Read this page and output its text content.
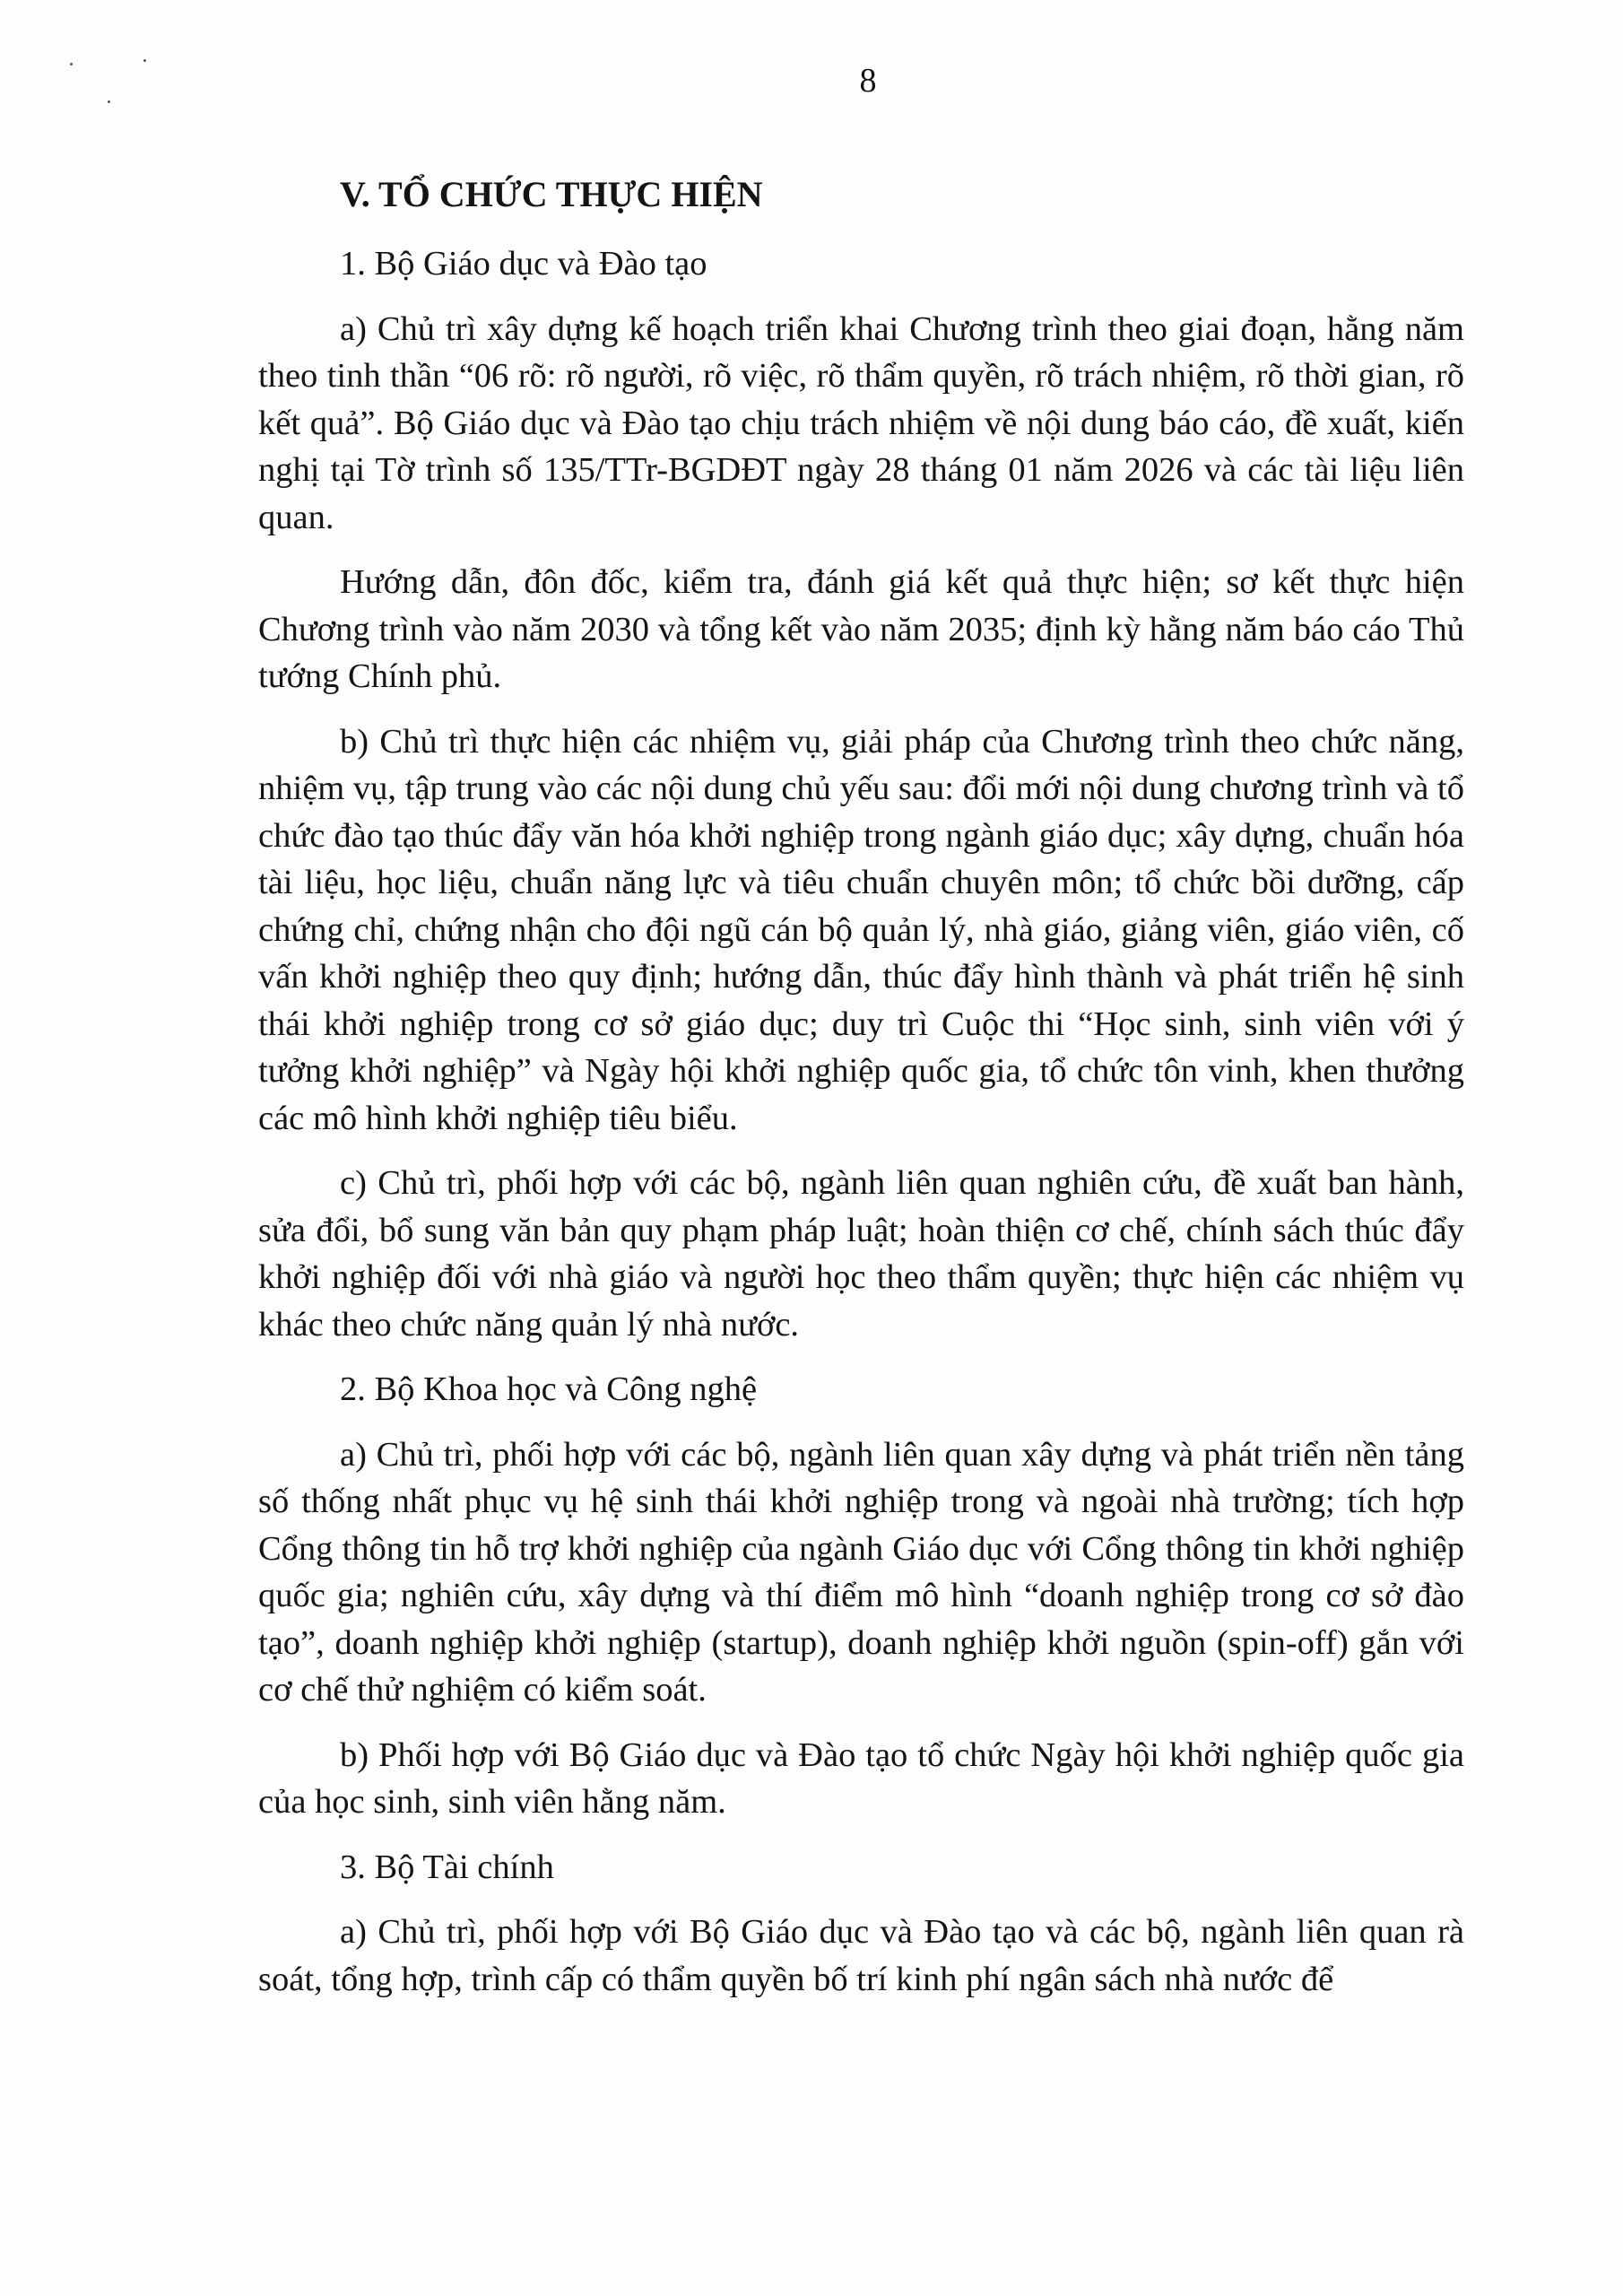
8
V. TỔ CHỨC THỰC HIỆN
1. Bộ Giáo dục và Đào tạo

a) Chủ trì xây dựng kế hoạch triển khai Chương trình theo giai đoạn, hằng năm theo tinh thần “06 rõ: rõ người, rõ việc, rõ thẩm quyền, rõ trách nhiệm, rõ thời gian, rõ kết quả”. Bộ Giáo dục và Đào tạo chịu trách nhiệm về nội dung báo cáo, đề xuất, kiến nghị tại Tờ trình số 135/TTr-BGDĐT ngày 28 tháng 01 năm 2026 và các tài liệu liên quan.

Hướng dẫn, đôn đốc, kiểm tra, đánh giá kết quả thực hiện; sơ kết thực hiện Chương trình vào năm 2030 và tổng kết vào năm 2035; định kỳ hằng năm báo cáo Thủ tướng Chính phủ.

b) Chủ trì thực hiện các nhiệm vụ, giải pháp của Chương trình theo chức năng, nhiệm vụ, tập trung vào các nội dung chủ yếu sau: đổi mới nội dung chương trình và tổ chức đào tạo thúc đẩy văn hóa khởi nghiệp trong ngành giáo dục; xây dựng, chuẩn hóa tài liệu, học liệu, chuẩn năng lực và tiêu chuẩn chuyên môn; tổ chức bồi dưỡng, cấp chứng chỉ, chứng nhận cho đội ngũ cán bộ quản lý, nhà giáo, giảng viên, giáo viên, cố vấn khởi nghiệp theo quy định; hướng dẫn, thúc đẩy hình thành và phát triển hệ sinh thái khởi nghiệp trong cơ sở giáo dục; duy trì Cuộc thi “Học sinh, sinh viên với ý tưởng khởi nghiệp” và Ngày hội khởi nghiệp quốc gia, tổ chức tôn vinh, khen thưởng các mô hình khởi nghiệp tiêu biểu.

c) Chủ trì, phối hợp với các bộ, ngành liên quan nghiên cứu, đề xuất ban hành, sửa đổi, bổ sung văn bản quy phạm pháp luật; hoàn thiện cơ chế, chính sách thúc đẩy khởi nghiệp đối với nhà giáo và người học theo thẩm quyền; thực hiện các nhiệm vụ khác theo chức năng quản lý nhà nước.

2. Bộ Khoa học và Công nghệ

a) Chủ trì, phối hợp với các bộ, ngành liên quan xây dựng và phát triển nền tảng số thống nhất phục vụ hệ sinh thái khởi nghiệp trong và ngoài nhà trường; tích hợp Cổng thông tin hỗ trợ khởi nghiệp của ngành Giáo dục với Cổng thông tin khởi nghiệp quốc gia; nghiên cứu, xây dựng và thí điểm mô hình “doanh nghiệp trong cơ sở đào tạo”, doanh nghiệp khởi nghiệp (startup), doanh nghiệp khởi nguồn (spin-off) gắn với cơ chế thử nghiệm có kiểm soát.

b) Phối hợp với Bộ Giáo dục và Đào tạo tổ chức Ngày hội khởi nghiệp quốc gia của học sinh, sinh viên hằng năm.

3. Bộ Tài chính

a) Chủ trì, phối hợp với Bộ Giáo dục và Đào tạo và các bộ, ngành liên quan rà soát, tổng hợp, trình cấp có thẩm quyền bố trí kinh phí ngân sách nhà nước để
